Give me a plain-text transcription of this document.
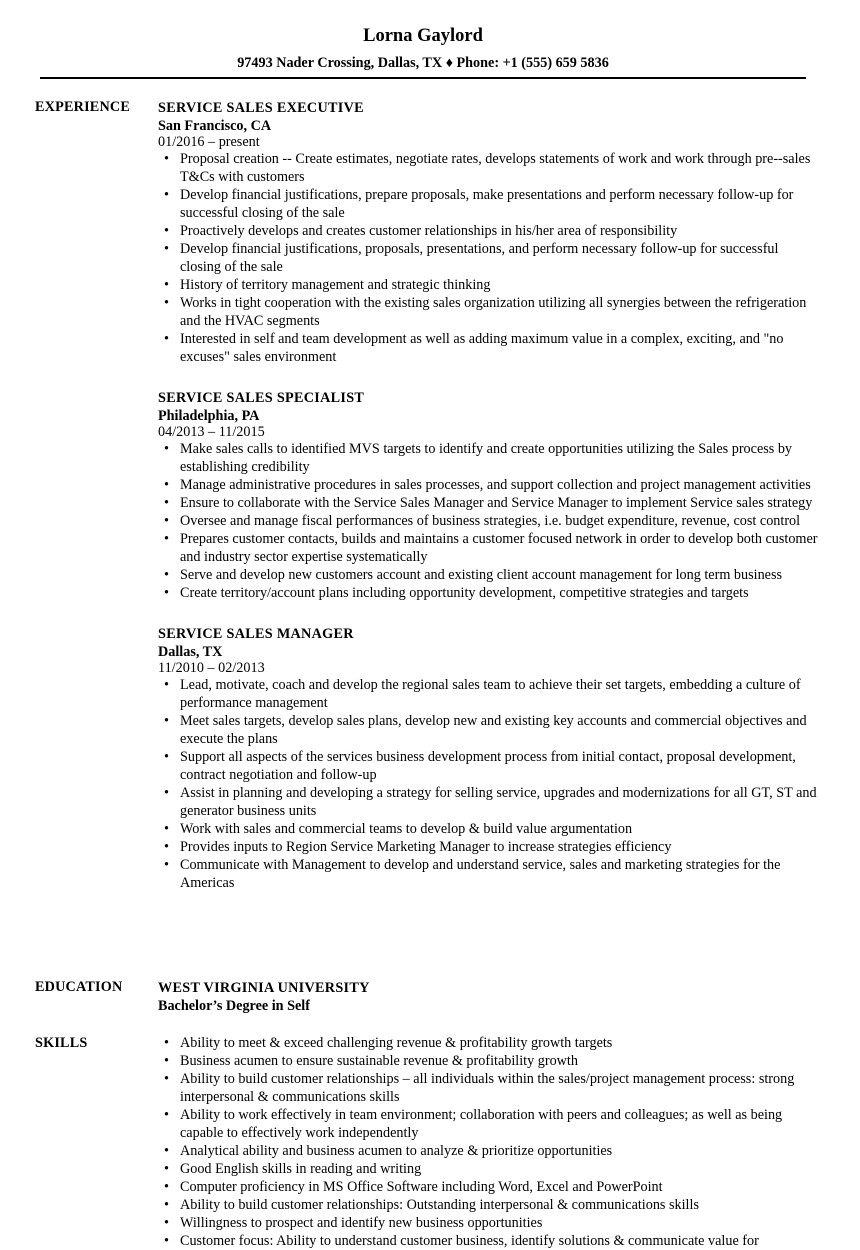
Lorna Gaylord
97493 Nader Crossing, Dallas, TX ♦ Phone: +1 (555) 659 5836
EXPERIENCE SERVICE SALES EXECUTIVE
San Francisco, CA
01/2016 – present
• Proposal creation -- Create estimates, negotiate rates, develops statements of work and work through pre--sales T&Cs with customers
• Develop financial justifications, prepare proposals, make presentations and perform necessary follow-up for successful closing of the sale
• Proactively develops and creates customer relationships in his/her area of responsibility
• Develop financial justifications, proposals, presentations, and perform necessary follow-up for successful closing of the sale
• History of territory management and strategic thinking
• Works in tight cooperation with the existing sales organization utilizing all synergies between the refrigeration and the HVAC segments
• Interested in self and team development as well as adding maximum value in a complex, exciting, and "no excuses" sales environment
SERVICE SALES SPECIALIST
Philadelphia, PA
04/2013 – 11/2015
• Make sales calls to identified MVS targets to identify and create opportunities utilizing the Sales process by establishing credibility
• Manage administrative procedures in sales processes, and support collection and project management activities
• Ensure to collaborate with the Service Sales Manager and Service Manager to implement Service sales strategy
• Oversee and manage fiscal performances of business strategies, i.e. budget expenditure, revenue, cost control
• Prepares customer contacts, builds and maintains a customer focused network in order to develop both customer and industry sector expertise systematically
• Serve and develop new customers account and existing client account management for long term business
• Create territory/account plans including opportunity development, competitive strategies and targets
SERVICE SALES MANAGER
Dallas, TX
11/2010 – 02/2013
• Lead, motivate, coach and develop the regional sales team to achieve their set targets, embedding a culture of performance management
• Meet sales targets, develop sales plans, develop new and existing key accounts and commercial objectives and execute the plans
• Support all aspects of the services business development process from initial contact, proposal development, contract negotiation and follow-up
• Assist in planning and developing a strategy for selling service, upgrades and modernizations for all GT, ST and generator business units
• Work with sales and commercial teams to develop & build value argumentation
• Provides inputs to Region Service Marketing Manager to increase strategies efficiency
• Communicate with Management to develop and understand service, sales and marketing strategies for the Americas
EDUCATION	WEST VIRGINIA UNIVERSITY
Bachelor’s Degree in Self
SKILLS
•	Ability to meet & exceed challenging revenue & profitability growth targets
• Business acumen to ensure sustainable revenue & profitability growth
• Ability to build customer relationships – all individuals within the sales/project management process: strong interpersonal & communications skills
• Ability to work effectively in team environment; collaboration with peers and colleagues; as well as being capable to effectively work independently
• Analytical ability and business acumen to analyze & prioritize opportunities
• Good English skills in reading and writing
• Computer proficiency in MS Office Software including Word, Excel and PowerPoint
• Ability to build customer relationships: Outstanding interpersonal & communications skills
• Willingness to prospect and identify new business opportunities
• Customer focus: Ability to understand customer business, identify solutions & communicate value for
